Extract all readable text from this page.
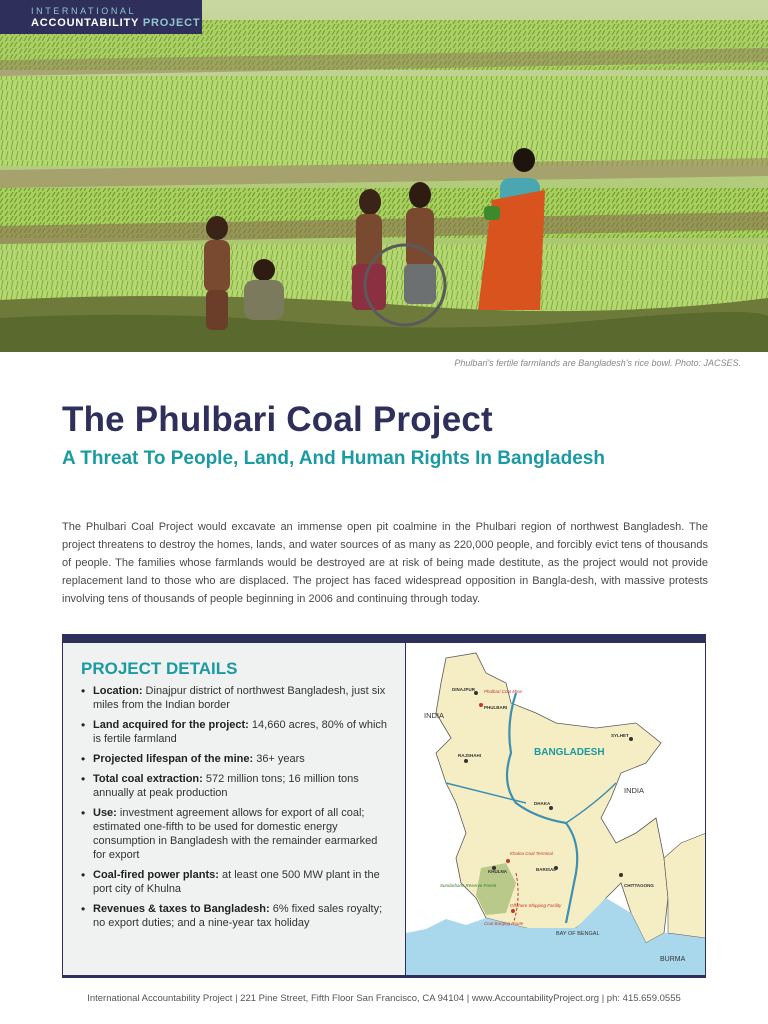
INTERNATIONAL
ACCOUNTABILITY PROJECT
Phulbari's fertile farmlands are Bangladesh's rice bowl. Photo: JACSES.
The Phulbari Coal Project
A Threat To People, Land, And Human Rights In Bangladesh

The Phulbari Coal Project would excavate an immense open pit coalmine in the Phulbari region of northwest Bangladesh. The project threatens to destroy the homes, lands, and water sources of as many as 220,000 people, and forcibly evict tens of thousands of people. The families whose farmlands would be destroyed are at risk of being made destitute, as the project would not provide replacement land to those who are displaced. The project has faced widespread opposition in Bangla-desh, with massive protests involving tens of thousands of people beginning in 2006 and continuing through today.

PROJECT DETAILS
• Location: Dinajpur district of northwest Bangladesh, just six miles from the Indian border
• Land acquired for the project: 14,660 acres, 80% of which is fertile farmland
• Projected lifespan of the mine: 36+ years
• Total coal extraction: 572 million tons; 16 million tons annually at peak production
• Use: investment agreement allows for export of all coal; estimated one-fifth to be used for domestic energy consumption in Bangladesh with the remainder earmarked for export
• Coal-fired power plants: at least one 500 MW plant in the port city of Khulna
• Revenues & taxes to Bangladesh: 6% fixed sales royalty; no export duties; and a nine-year tax holiday
BANGLADESH
INDIA
INDIA
BURMA
BAY OF BENGAL
DINAJPUR
PHULBARI
Phulbari Coal Mine
SYLHET
RAJSHAHI
DHAKA
KHULNA	BARISAL
CHITTAGONG
Khulna Coal Terminal
Sundarbans Reserve Forest
Offshore Shipping Facility
Coal Barging Route
International Accountability Project | 221 Pine Street, Fifth Floor San Francisco, CA 94104 | www.AccountabilityProject.org | ph: 415.659.0555
